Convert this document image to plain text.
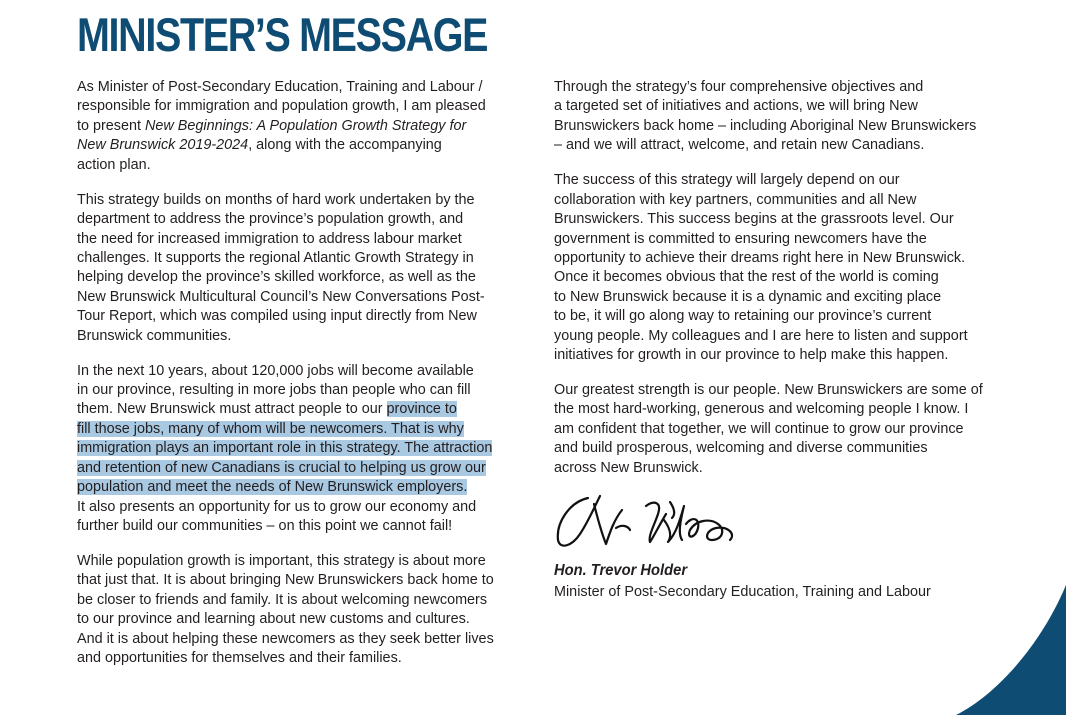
MINISTER’S MESSAGE

As Minister of Post-Secondary Education, Training and Labour /
responsible for immigration and population growth, I am pleased
to present New Beginnings: A Population Growth Strategy for
New Brunswick 2019-2024, along with the accompanying
action plan.

This strategy builds on months of hard work undertaken by the
department to address the province’s population growth, and
the need for increased immigration to address labour market
challenges. It supports the regional Atlantic Growth Strategy in
helping develop the province’s skilled workforce, as well as the
New Brunswick Multicultural Council’s New Conversations Post-
Tour Report, which was compiled using input directly from New
Brunswick communities.

In the next 10 years, about 120,000 jobs will become available
in our province, resulting in more jobs than people who can fill
them. New Brunswick must attract people to our province to
fill those jobs, many of whom will be newcomers. That is why
immigration plays an important role in this strategy. The attraction
and retention of new Canadians is crucial to helping us grow our
population and meet the needs of New Brunswick employers.
It also presents an opportunity for us to grow our economy and
further build our communities – on this point we cannot fail!

While population growth is important, this strategy is about more
that just that. It is about bringing New Brunswickers back home to
be closer to friends and family. It is about welcoming newcomers
to our province and learning about new customs and cultures.
And it is about helping these newcomers as they seek better lives
and opportunities for themselves and their families.

Through the strategy’s four comprehensive objectives and
a targeted set of initiatives and actions, we will bring New
Brunswickers back home – including Aboriginal New Brunswickers
– and we will attract, welcome, and retain new Canadians.

The success of this strategy will largely depend on our
collaboration with key partners, communities and all New
Brunswickers. This success begins at the grassroots level. Our
government is committed to ensuring newcomers have the
opportunity to achieve their dreams right here in New Brunswick.
Once it becomes obvious that the rest of the world is coming
to New Brunswick because it is a dynamic and exciting place
to be, it will go along way to retaining our province’s current
young people. My colleagues and I are here to listen and support
initiatives for growth in our province to help make this happen.

Our greatest strength is our people. New Brunswickers are some of
the most hard-working, generous and welcoming people I know. I
am confident that together, we will continue to grow our province
and build prosperous, welcoming and diverse communities
across New Brunswick.

Hon. Trevor Holder
Minister of Post-Secondary Education, Training and Labour
